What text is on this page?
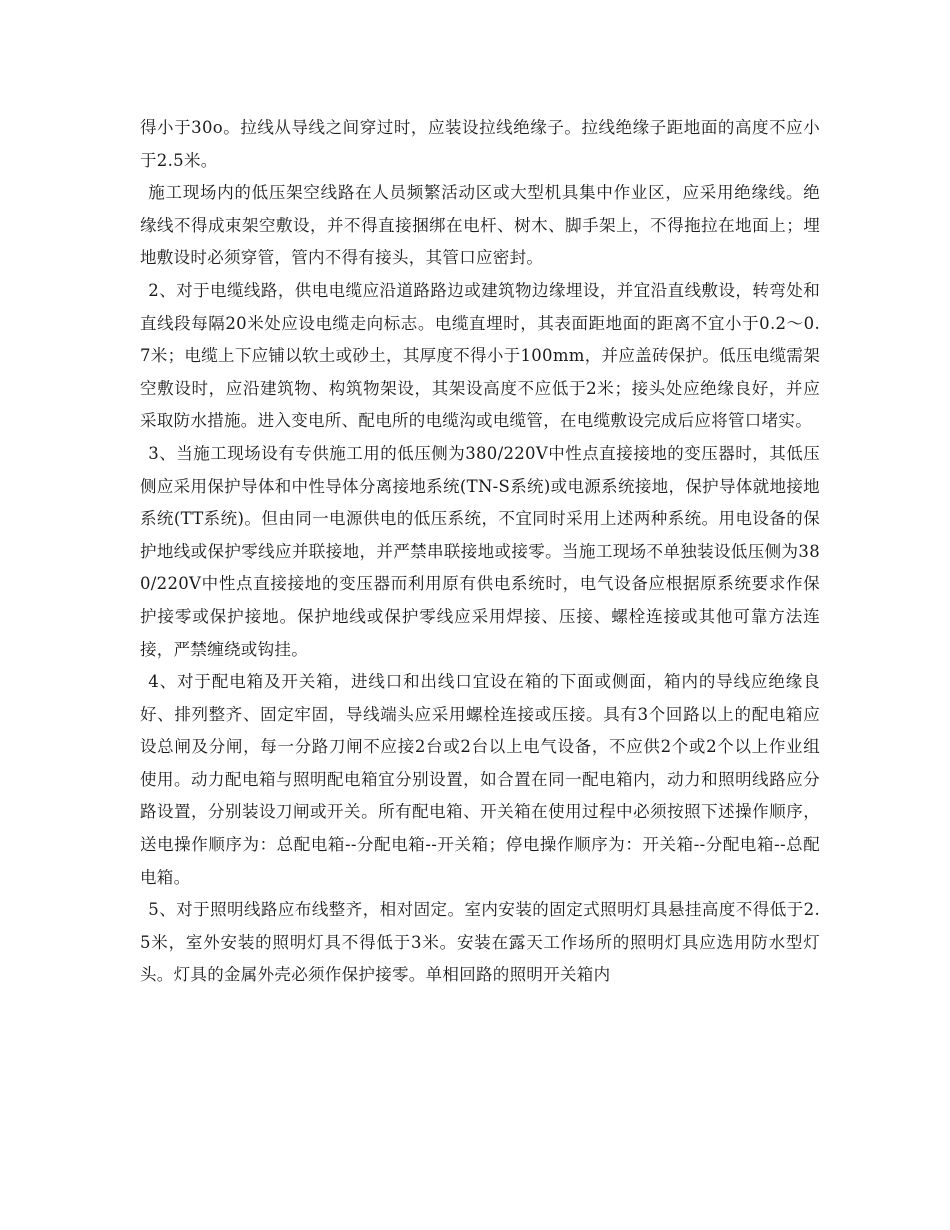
得小于30o。拉线从导线之间穿过时，应装设拉线绝缘子。拉线绝缘子距地面的高度不应小于2.5米。

施工现场内的低压架空线路在人员频繁活动区或大型机具集中作业区，应采用绝缘线。绝缘线不得成束架空敷设，并不得直接捆绑在电杆、树木、脚手架上，不得拖拉在地面上；埋地敷设时必须穿管，管内不得有接头，其管口应密封。

2、对于电缆线路，供电电缆应沿道路路边或建筑物边缘埋设，并宜沿直线敷设，转弯处和直线段每隔20米处应设电缆走向标志。电缆直埋时，其表面距地面的距离不宜小于0.2～0.7米；电缆上下应铺以软土或砂土，其厚度不得小于100mm，并应盖砖保护。低压电缆需架空敷设时，应沿建筑物、构筑物架设，其架设高度不应低于2米；接头处应绝缘良好，并应采取防水措施。进入变电所、配电所的电缆沟或电缆管，在电缆敷设完成后应将管口堵实。

3、当施工现场设有专供施工用的低压侧为380/220V中性点直接接地的变压器时，其低压侧应采用保护导体和中性导体分离接地系统(TN-S系统)或电源系统接地，保护导体就地接地系统(TT系统)。但由同一电源供电的低压系统，不宜同时采用上述两种系统。用电设备的保护地线或保护零线应并联接地，并严禁串联接地或接零。当施工现场不单独装设低压侧为380/220V中性点直接接地的变压器而利用原有供电系统时，电气设备应根据原系统要求作保护接零或保护接地。保护地线或保护零线应采用焊接、压接、螺栓连接或其他可靠方法连接，严禁缠绕或钩挂。

4、对于配电箱及开关箱，进线口和出线口宜设在箱的下面或侧面，箱内的导线应绝缘良好、排列整齐、固定牢固，导线端头应采用螺栓连接或压接。具有3个回路以上的配电箱应设总闸及分闸，每一分路刀闸不应接2台或2台以上电气设备，不应供2个或2个以上作业组使用。动力配电箱与照明配电箱宜分别设置，如合置在同一配电箱内，动力和照明线路应分路设置，分别装设刀闸或开关。所有配电箱、开关箱在使用过程中必须按照下述操作顺序，送电操作顺序为：总配电箱--分配电箱--开关箱；停电操作顺序为：开关箱--分配电箱--总配电箱。

5、对于照明线路应布线整齐，相对固定。室内安装的固定式照明灯具悬挂高度不得低于2.5米，室外安装的照明灯具不得低于3米。安装在露天工作场所的照明灯具应选用防水型灯头。灯具的金属外壳必须作保护接零。单相回路的照明开关箱内
